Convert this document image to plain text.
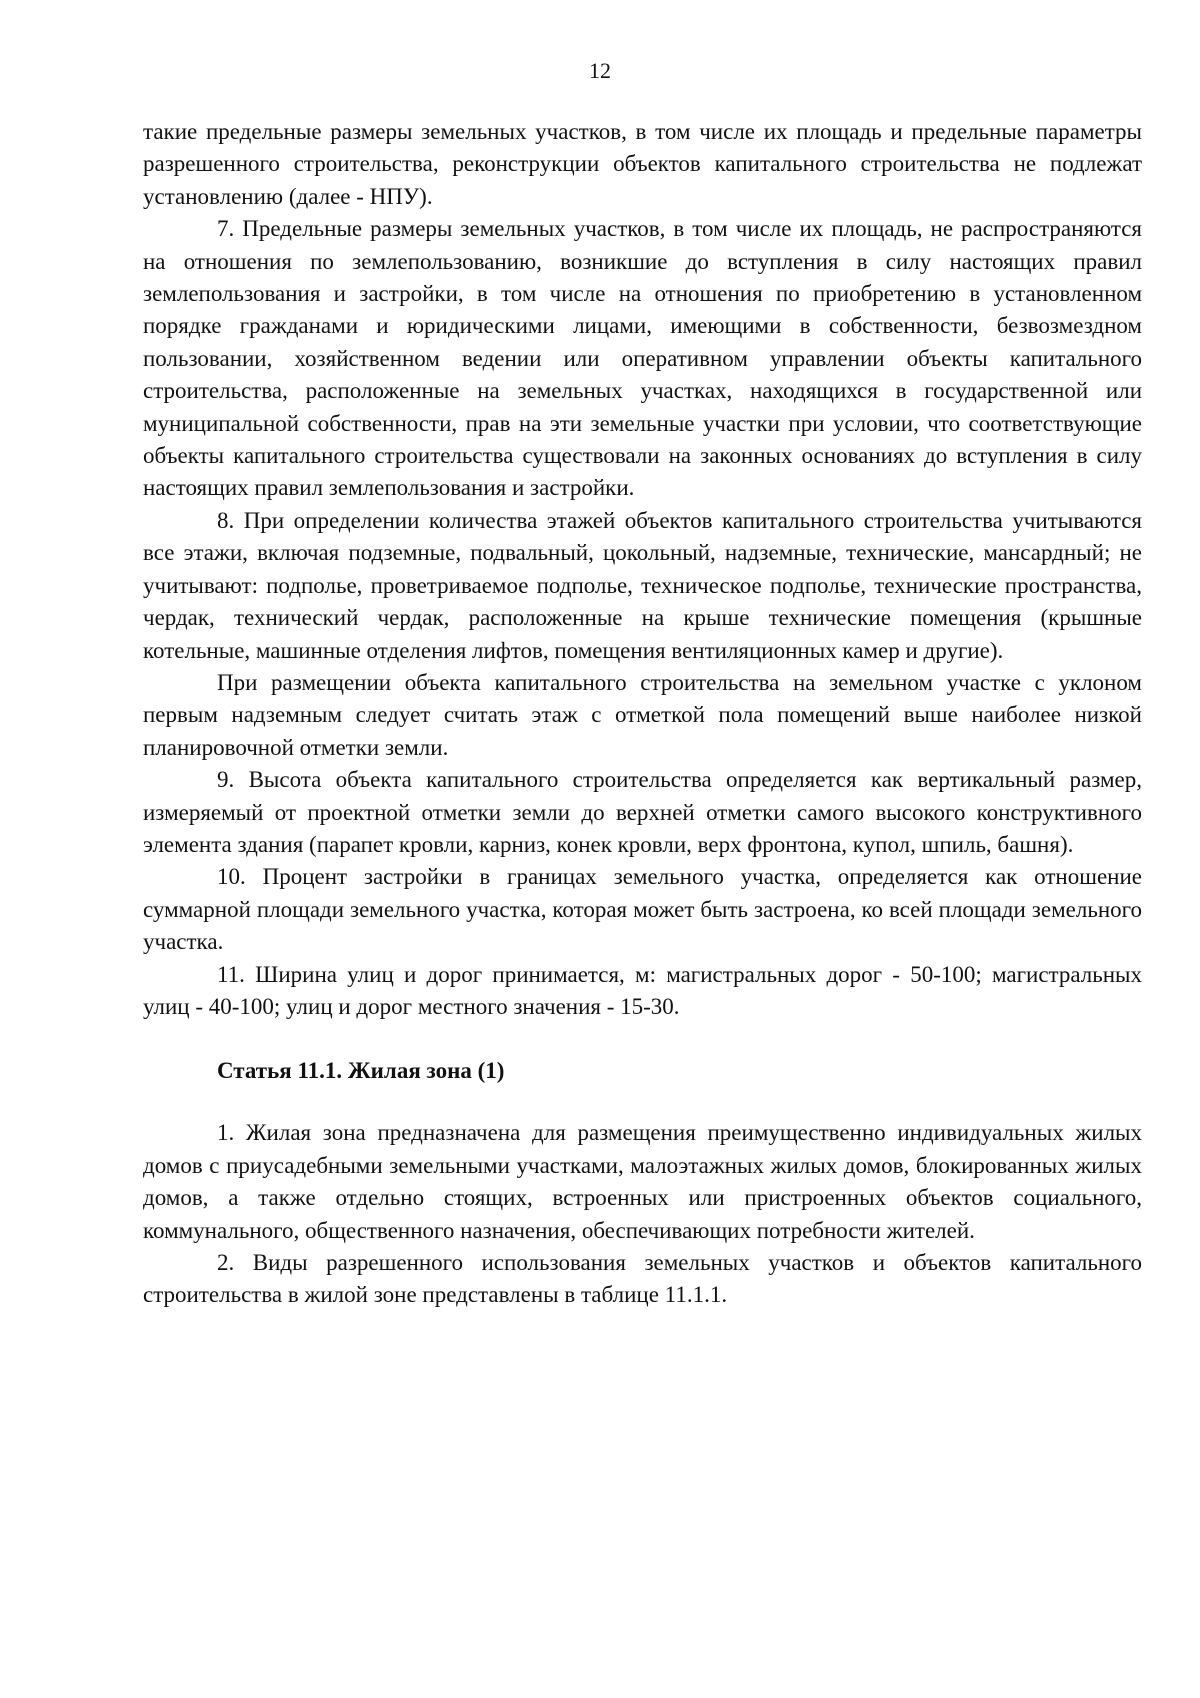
12

такие предельные размеры земельных участков, в том числе их площадь и предельные параметры разрешенного строительства, реконструкции объектов капитального строительства не подлежат установлению (далее - НПУ).

7. Предельные размеры земельных участков, в том числе их площадь, не распространяются на отношения по землепользованию, возникшие до вступления в силу настоящих правил землепользования и застройки, в том числе на отношения по приобретению в установленном порядке гражданами и юридическими лицами, имеющими в собственности, безвозмездном пользовании, хозяйственном ведении или оперативном управлении объекты капитального строительства, расположенные на земельных участках, находящихся в государственной или муниципальной собственности, прав на эти земельные участки при условии, что соответствующие объекты капитального строительства существовали на законных основаниях до вступления в силу настоящих правил землепользования и застройки.

8. При определении количества этажей объектов капитального строительства учитываются все этажи, включая подземные, подвальный, цокольный, надземные, технические, мансардный; не учитывают: подполье, проветриваемое подполье, техническое подполье, технические пространства, чердак, технический чердак, расположенные на крыше технические помещения (крышные котельные, машинные отделения лифтов, помещения вентиляционных камер и другие).

При размещении объекта капитального строительства на земельном участке с уклоном первым надземным следует считать этаж с отметкой пола помещений выше наиболее низкой планировочной отметки земли.

9. Высота объекта капитального строительства определяется как вертикальный размер, измеряемый от проектной отметки земли до верхней отметки самого высокого конструктивного элемента здания (парапет кровли, карниз, конек кровли, верх фронтона, купол, шпиль, башня).

10. Процент застройки в границах земельного участка, определяется как отношение суммарной площади земельного участка, которая может быть застроена, ко всей площади земельного участка.

11. Ширина улиц и дорог принимается, м: магистральных дорог - 50-100; магистральных улиц - 40-100; улиц и дорог местного значения - 15-30.

Статья 11.1. Жилая зона (1)

1. Жилая зона предназначена для размещения преимущественно индивидуальных жилых домов с приусадебными земельными участками, малоэтажных жилых домов, блокированных жилых домов, а также отдельно стоящих, встроенных или пристроенных объектов социального, коммунального, общественного назначения, обеспечивающих потребности жителей.

2. Виды разрешенного использования земельных участков и объектов капитального строительства в жилой зоне представлены в таблице 11.1.1.
